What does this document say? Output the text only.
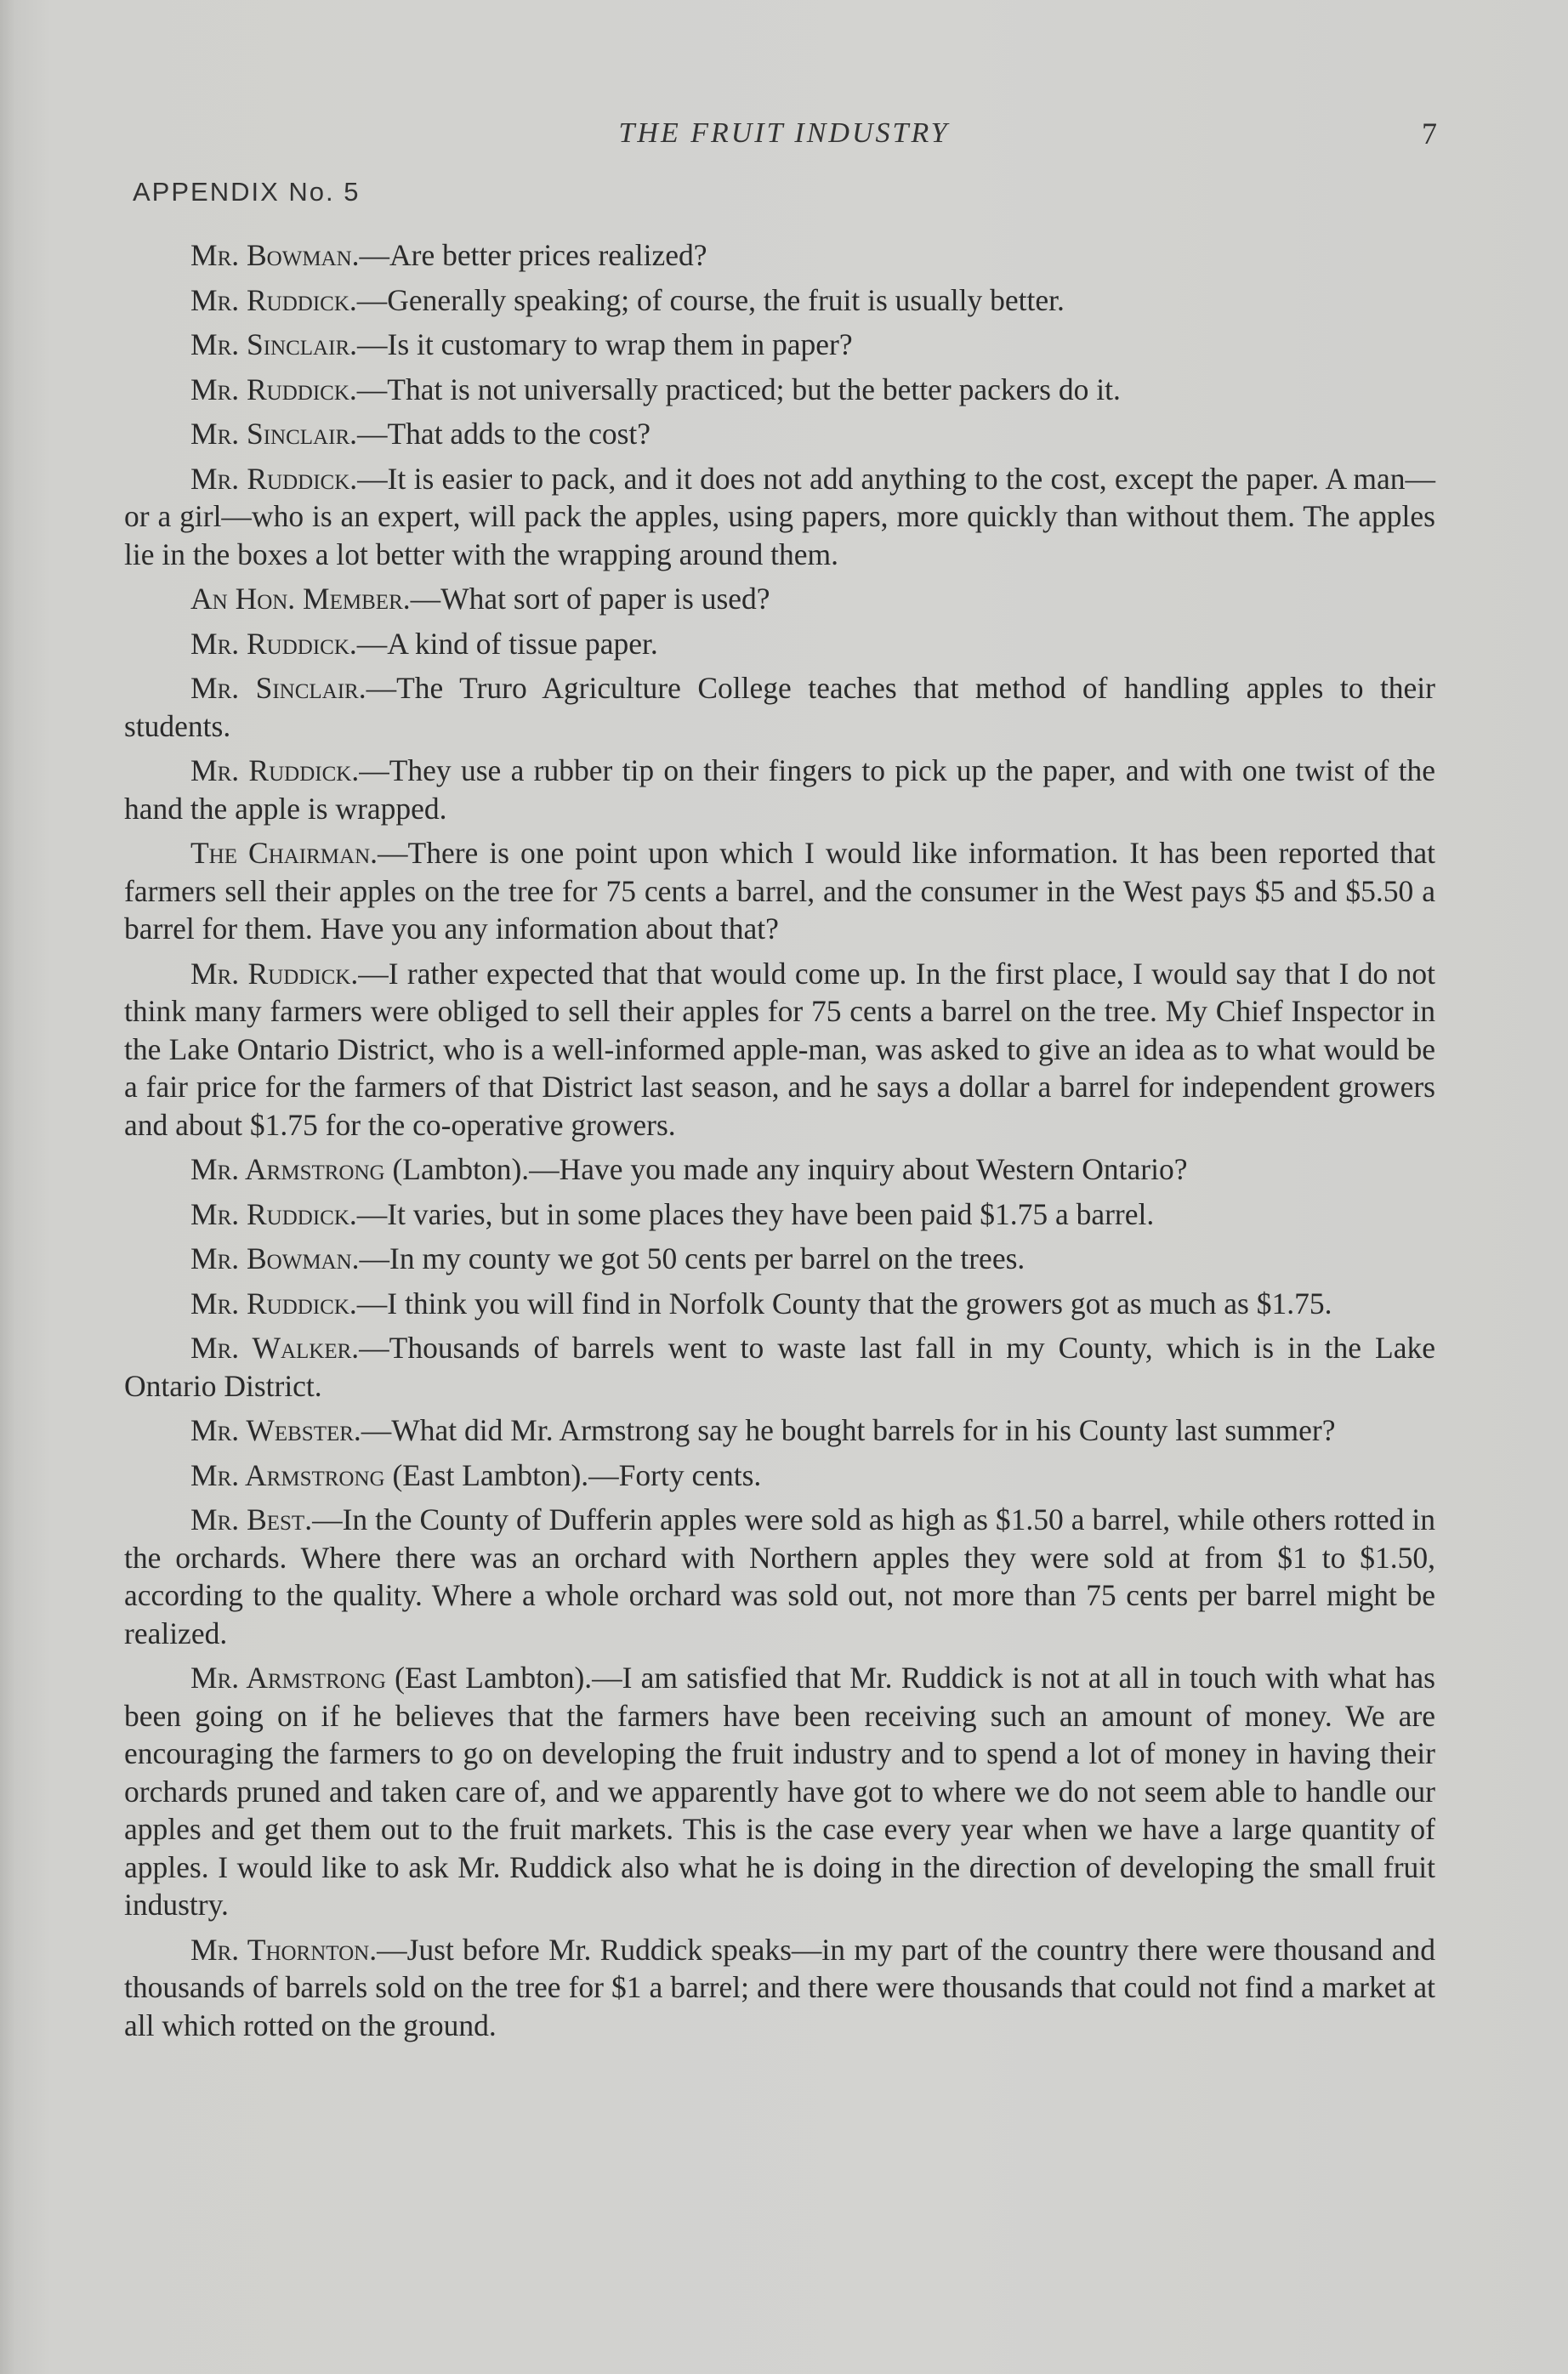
THE FRUIT INDUSTRY	7
APPENDIX No. 5

Mr. Bowman.—Are better prices realized?

Mr. Ruddick.—Generally speaking; of course, the fruit is usually better.

Mr. Sinclair.—Is it customary to wrap them in paper?

Mr. Ruddick.—That is not universally practiced; but the better packers do it.

Mr. Sinclair.—That adds to the cost?

Mr. Ruddick.—It is easier to pack, and it does not add anything to the cost, except the paper. A man—or a girl—who is an expert, will pack the apples, using papers, more quickly than without them. The apples lie in the boxes a lot better with the wrapping around them.

An Hon. Member.—What sort of paper is used?

Mr. Ruddick.—A kind of tissue paper.

Mr. Sinclair.—The Truro Agriculture College teaches that method of handling apples to their students.

Mr. Ruddick.—They use a rubber tip on their fingers to pick up the paper, and with one twist of the hand the apple is wrapped.

The Chairman.—There is one point upon which I would like information. It has been reported that farmers sell their apples on the tree for 75 cents a barrel, and the consumer in the West pays $5 and $5.50 a barrel for them. Have you any information about that?

Mr. Ruddick.—I rather expected that that would come up. In the first place, I would say that I do not think many farmers were obliged to sell their apples for 75 cents a barrel on the tree. My Chief Inspector in the Lake Ontario District, who is a well-informed apple-man, was asked to give an idea as to what would be a fair price for the farmers of that District last season, and he says a dollar a barrel for independent growers and about $1.75 for the co-operative growers.

Mr. Armstrong (Lambton).—Have you made any inquiry about Western Ontario?

Mr. Ruddick.—It varies, but in some places they have been paid $1.75 a barrel.

Mr. Bowman.—In my county we got 50 cents per barrel on the trees.

Mr. Ruddick.—I think you will find in Norfolk County that the growers got as much as $1.75.

Mr. Walker.—Thousands of barrels went to waste last fall in my County, which is in the Lake Ontario District.

Mr. Webster.—What did Mr. Armstrong say he bought barrels for in his County last summer?

Mr. Armstrong (East Lambton).—Forty cents.

Mr. Best.—In the County of Dufferin apples were sold as high as $1.50 a barrel, while others rotted in the orchards. Where there was an orchard with Northern apples they were sold at from $1 to $1.50, according to the quality. Where a whole orchard was sold out, not more than 75 cents per barrel might be realized.

Mr. Armstrong (East Lambton).—I am satisfied that Mr. Ruddick is not at all in touch with what has been going on if he believes that the farmers have been receiving such an amount of money. We are encouraging the farmers to go on developing the fruit industry and to spend a lot of money in having their orchards pruned and taken care of, and we apparently have got to where we do not seem able to handle our apples and get them out to the fruit markets. This is the case every year when we have a large quantity of apples. I would like to ask Mr. Ruddick also what he is doing in the direction of developing the small fruit industry.

Mr. Thornton.—Just before Mr. Ruddick speaks—in my part of the country there were thousand and thousands of barrels sold on the tree for $1 a barrel; and there were thousands that could not find a market at all which rotted on the ground.
